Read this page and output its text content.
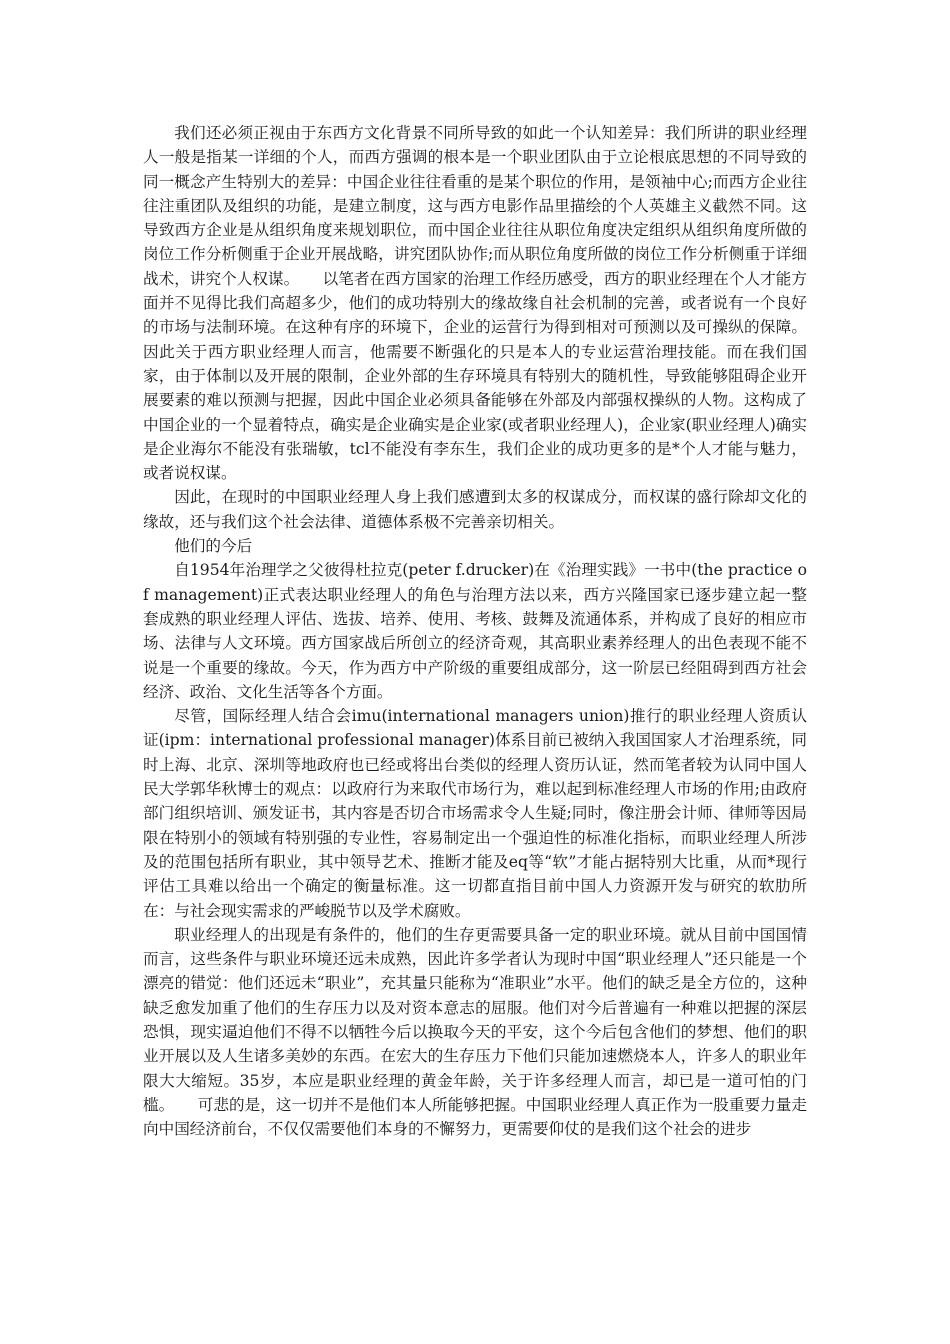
我们还必须正视由于东西方文化背景不同所导致的如此一个认知差异：我们所讲的职业经理人一般是指某一详细的个人，而西方强调的根本是一个职业团队由于立论根底思想的不同导致的同一概念产生特别大的差异：中国企业往往看重的是某个职位的作用，是领袖中心;而西方企业往往注重团队及组织的功能，是建立制度，这与西方电影作品里描绘的个人英雄主义截然不同。这导致西方企业是从组织角度来规划职位，而中国企业往往从职位角度决定组织从组织角度所做的岗位工作分析侧重于企业开展战略，讲究团队协作;而从职位角度所做的岗位工作分析侧重于详细战术，讲究个人权谋。　　以笔者在西方国家的治理工作经历感受，西方的职业经理在个人才能方面并不见得比我们高超多少，他们的成功特别大的缘故缘自社会机制的完善，或者说有一个良好的市场与法制环境。在这种有序的环境下，企业的运营行为得到相对可预测以及可操纵的保障。因此关于西方职业经理人而言，他需要不断强化的只是本人的专业运营治理技能。而在我们国家，由于体制以及开展的限制，企业外部的生存环境具有特别大的随机性，导致能够阻碍企业开展要素的难以预测与把握，因此中国企业必须具备能够在外部及内部强权操纵的人物。这构成了中国企业的一个显着特点，确实是企业确实是企业家(或者职业经理人)，企业家(职业经理人)确实是企业海尔不能没有张瑞敏，tcl不能没有李东生，我们企业的成功更多的是*个人才能与魅力，或者说权谋。

因此，在现时的中国职业经理人身上我们感遭到太多的权谋成分，而权谋的盛行除却文化的缘故，还与我们这个社会法律、道德体系极不完善亲切相关。

他们的今后

自1954年治理学之父彼得杜拉克(peter f.drucker)在《治理实践》一书中(the practice of management)正式表达职业经理人的角色与治理方法以来，西方兴隆国家已逐步建立起一整套成熟的职业经理人评估、选拔、培养、使用、考核、鼓舞及流通体系，并构成了良好的相应市场、法律与人文环境。西方国家战后所创立的经济奇观，其高职业素养经理人的出色表现不能不说是一个重要的缘故。今天，作为西方中产阶级的重要组成部分，这一阶层已经阻碍到西方社会经济、政治、文化生活等各个方面。

尽管，国际经理人结合会imu(international managers union)推行的职业经理人资质认证(ipm：international professional manager)体系目前已被纳入我国国家人才治理系统，同时上海、北京、深圳等地政府也已经或将出台类似的经理人资历认证，然而笔者较为认同中国人民大学郭华秋博士的观点：以政府行为来取代市场行为，难以起到标准经理人市场的作用;由政府部门组织培训、颁发证书，其内容是否切合市场需求令人生疑;同时，像注册会计师、律师等因局限在特别小的领域有特别强的专业性，容易制定出一个强迫性的标准化指标，而职业经理人所涉及的范围包括所有职业，其中领导艺术、推断才能及eq等“软”才能占据特别大比重，从而*现行评估工具难以给出一个确定的衡量标准。这一切都直指目前中国人力资源开发与研究的软肋所在：与社会现实需求的严峻脱节以及学术腐败。

职业经理人的出现是有条件的，他们的生存更需要具备一定的职业环境。就从目前中国国情而言，这些条件与职业环境还远未成熟，因此许多学者认为现时中国“职业经理人”还只能是一个漂亮的错觉：他们还远未“职业”，充其量只能称为“准职业”水平。他们的缺乏是全方位的，这种缺乏愈发加重了他们的生存压力以及对资本意志的屈服。他们对今后普遍有一种难以把握的深层恐惧，现实逼迫他们不得不以牺牲今后以换取今天的平安，这个今后包含他们的梦想、他们的职业开展以及人生诸多美妙的东西。在宏大的生存压力下他们只能加速燃烧本人，许多人的职业年限大大缩短。35岁，本应是职业经理的黄金年龄，关于许多经理人而言，却已是一道可怕的门槛。　　可悲的是，这一切并不是他们本人所能够把握。中国职业经理人真正作为一股重要力量走向中国经济前台，不仅仅需要他们本身的不懈努力，更需要仰仗的是我们这个社会的进步
